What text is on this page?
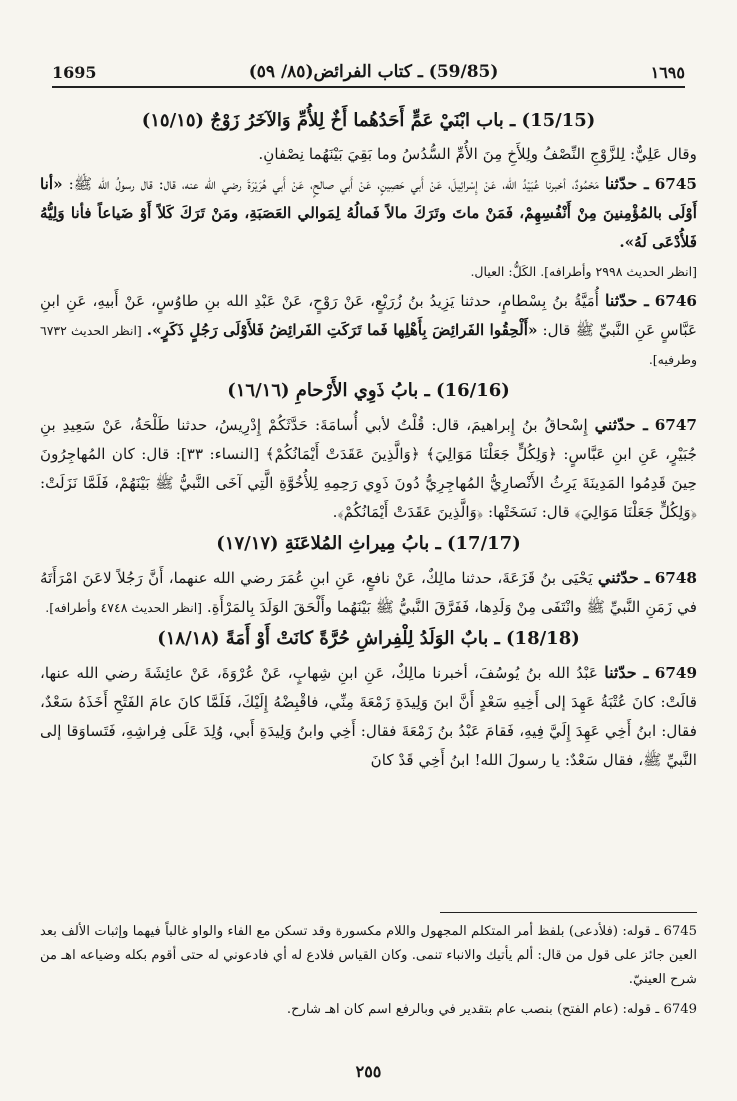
1695	(59/85) ـ كتاب الفرائض(٨٥/ ٥٩)	١٦٩٥
(15/15) ـ باب ابْنَيْ عَمٍّ أَحَدُهُما أَخٌ لِلأُمِّ وَالآخَرُ زَوْجٌ (١٥/١٥)

وقال عَلِيٌّ: لِلزَّوْجِ النِّصْفُ ولِلأَخِ مِنَ الأُمِّ السُّدُسُ وما بَقِيَ بَيْنَهُما نِصْفانِ.

6745 ـ حدّثنا مَحْمُودٌ، أخبرنا عُبَيْدُ الله، عَنْ إِسْرائِيلَ، عَنْ أَبي حَصِينٍ، عَنْ أَبي صالحٍ، عَنْ أَبي هُرَيْرَةَ رضي الله عنه، قال: قال رسولُ الله ﷺ: «أنا أَوْلَى بالمُؤْمِنينَ مِنْ أَنْفُسِهِمْ، فَمَنْ ماتَ وتَرَكَ مالاً فَمالُهُ لِمَوالي العَصَبَةِ، ومَنْ تَرَكَ كَلاً أَوْ ضَياعاً فأنا وَلِيُّهُ فَلأُدْعَى لَهُ».

[انظر الحديث ٢٩٩٨ وأطرافه]. الكَلُّ: العيال.

6746 ـ حدّثنا أُمَيَّةُ بنُ بِسْطامٍ، حدثنا يَزِيدُ بنُ زُرَيْعٍ، عَنْ رَوْحٍ، عَنْ عَبْدِ الله بنِ طاوُسٍ، عَنْ أَبيهِ، عَنِ ابنِ عَبَّاسٍ عَنِ النَّبيِّ ﷺ قال: «أَلْحِقُوا الفَرائِضَ بِأَهْلِها فَما تَرَكَتِ الفَرائِضُ فَلأَوْلَى رَجُلٍ ذَكَرٍ». [انظر الحديث ٦٧٣٢ وطرفيه].

(16/16) ـ بابُ ذَوِي الأَرْحامِ (١٦/١٦)

6747 ـ حدّثني إِسْحاقُ بنُ إِبراهيمَ، قال: قُلْتُ لأبي أُسامَةَ: حَدَّثَكُمْ إِدْرِيسُ، حدثنا طَلْحَةُ، عَنْ سَعِيدِ بنِ جُبَيْرٍ، عَنِ ابنِ عَبَّاسٍ: ﴿وَلِكُلٍّ جَعَلْنَا مَوَالِيَ﴾ ﴿وَالَّذِينَ عَقَدَتْ أَيْمَانُكُمْ﴾ [النساء: ٣٣]: قال: كان المُهاجِرُونَ حِينَ قَدِمُوا المَدِينَةَ يَرِثُ الأَنْصارِيُّ المُهاجِرِيُّ دُونَ ذَوِي رَحِمِهِ لِلأُخُوَّةِ الَّتِي آخَى النَّبيُّ ﷺ بَيْنَهُمْ، فَلَمَّا نَزَلَتْ: ﴿وَلِكُلٍّ جَعَلْنَا مَوَالِيَ﴾ قال: نَسَخَتْها: ﴿وَالَّذِينَ عَقَدَتْ أَيْمَانُكُمْ﴾.

(17/17) ـ بابُ مِيراثِ المُلاعَنَةِ (١٧/١٧)

6748 ـ حدّثني يَحْيَى بنُ قَزَعَةَ، حدثنا مالِكٌ، عَنْ نافعٍ، عَنِ ابنِ عُمَرَ رضي الله عنهما، أَنَّ رَجُلاً لاعَنَ امْرَأَتَهُ في زَمَنِ النَّبيِّ ﷺ وانْتَفَى مِنْ وَلَدِها، فَفَرَّقَ النَّبيُّ ﷺ بَيْنَهُما وأَلْحَقَ الوَلَدَ بِالمَرْأَةِ. [انظر الحديث ٤٧٤٨ وأطرافه].

(18/18) ـ بابٌ الوَلَدُ لِلْفِراشِ حُرَّةً كانَتْ أَوْ أَمَةً (١٨/١٨)

6749 ـ حدّثنا عَبْدُ الله بنُ يُوسُفَ، أخبرنا مالِكٌ، عَنِ ابنِ شِهابٍ، عَنْ عُرْوَةَ، عَنْ عائِشَةَ رضي الله عنها، قالَتْ: كانَ عُتْبَةُ عَهِدَ إلى أَخِيهِ سَعْدٍ أَنَّ ابنَ وَلِيدَةِ زَمْعَةَ مِنِّي، فاقْبِضْهُ إِلَيْكَ، فَلَمَّا كانَ عامَ الفَتْحِ أَخَذَهُ سَعْدٌ، فقال: ابنُ أَخِي عَهِدَ إِلَيَّ فِيهِ، فَقامَ عَبْدُ بنُ زَمْعَةَ فقال: أَخِي وابنُ وَلِيدَةِ أَبي، وُلِدَ عَلَى فِراشِهِ، فَتَساوَقا إلى النَّبيِّ ﷺ، فقال سَعْدٌ: يا رسولَ الله! ابنُ أَخِي قَدْ كانَ

6745 ـ قوله: (فلأدعى) بلفظ أمر المتكلم المجهول واللام مكسورة وقد تسكن مع الفاء والواو غالباً فيهما وإثبات الألف بعد العين جائز على قول من قال: ألم يأتيك والانباء تنمى. وكان القياس فلادع له أي فادعوني له حتى أقوم بكله وضياعه اهـ من شرح العينيّ.

6749 ـ قوله: (عام الفتح) بنصب عام بتقدير في وبالرفع اسم كان اهـ شارح.

٢٥٥
